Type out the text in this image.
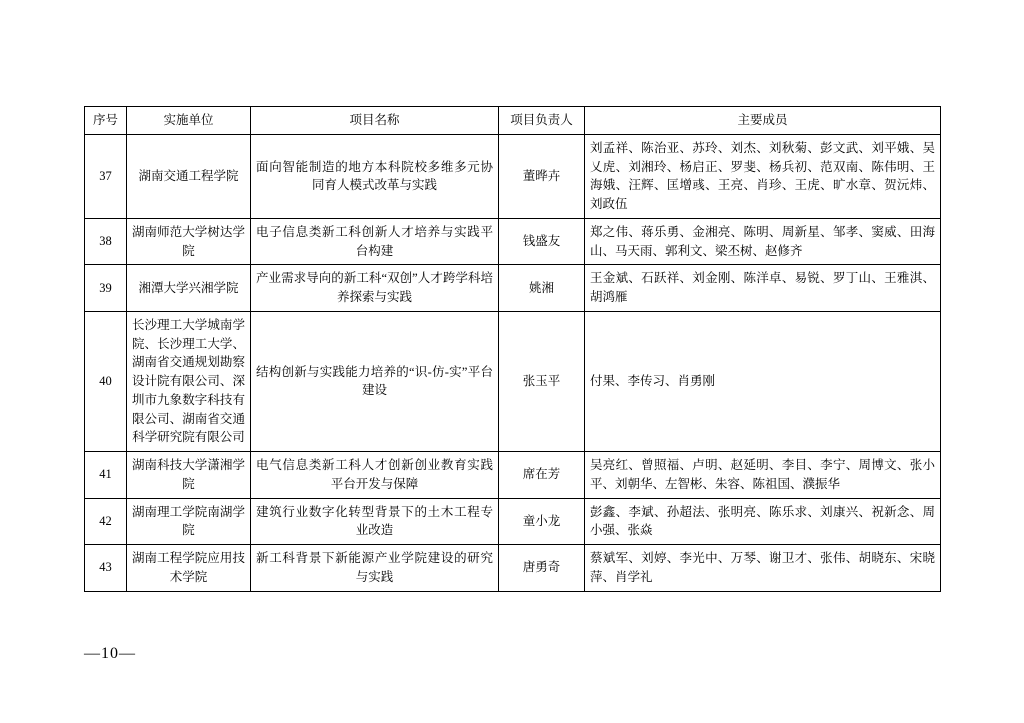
序号	实施单位	项目名称	项目负责人	主要成员
37	湖南交通工程学院	面向智能制造的地方本科院校多维多元协同育人模式改革与实践	董晔卉	刘孟祥、陈治亚、苏玲、刘杰、刘秋菊、彭文武、刘平娥、吴乂虎、刘湘玲、杨启正、罗斐、杨兵初、范双南、陈伟明、王海娥、汪辉、匡增彧、王亮、肖珍、王虎、旷水章、贺沅炜、刘政伍
38	湖南师范大学树达学院	电子信息类新工科创新人才培养与实践平台构建	钱盛友	郑之伟、蒋乐勇、金湘亮、陈明、周新星、邹孝、窦威、田海山、马天雨、郭利文、梁丕树、赵修齐
39	湘潭大学兴湘学院	产业需求导向的新工科“双创”人才跨学科培养探索与实践	姚湘	王金斌、石跃祥、刘金刚、陈洋卓、易锐、罗丁山、王雅淇、胡鸿雁
40	长沙理工大学城南学院、长沙理工大学、湖南省交通规划勘察设计院有限公司、深圳市九象数字科技有限公司、湖南省交通科学研究院有限公司	结构创新与实践能力培养的“识-仿-实”平台建设	张玉平	付果、李传习、肖勇刚
41	湖南科技大学潇湘学院	电气信息类新工科人才创新创业教育实践平台开发与保障	席在芳	吴亮红、曾照福、卢明、赵延明、李目、李宁、周博文、张小平、刘朝华、左智彬、朱容、陈祖国、濮振华
42	湖南理工学院南湖学院	建筑行业数字化转型背景下的土木工程专业改造	童小龙	彭鑫、李斌、孙超法、张明亮、陈乐求、刘康兴、祝新念、周小强、张焱
43	湖南工程学院应用技术学院	新工科背景下新能源产业学院建设的研究与实践	唐勇奇	蔡斌军、刘婷、李光中、万琴、谢卫才、张伟、胡晓东、宋晓萍、肖学礼
—10—
